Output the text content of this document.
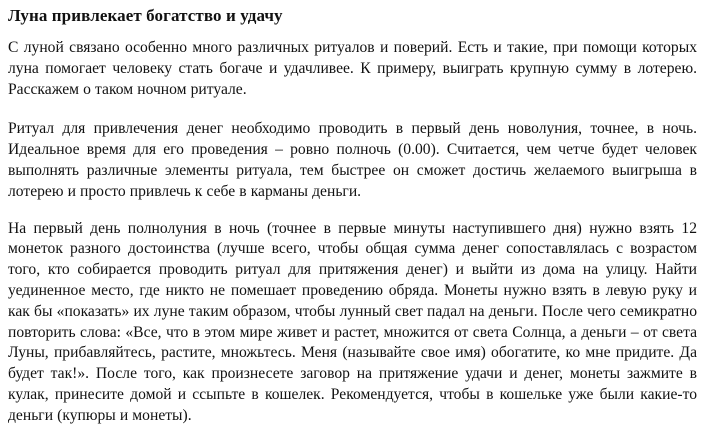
Луна привлекает богатство и удачу

С луной связано особенно много различных ритуалов и поверий. Есть и такие, при помощи которых луна помогает человеку стать богаче и удачливее. К примеру, выиграть крупную сумму в лотерею. Расскажем о таком ночном ритуале.

Ритуал для привлечения денег необходимо проводить в первый день новолуния, точнее, в ночь. Идеальное время для его проведения – ровно полночь (0.00). Считается, чем четче будет человек выполнять различные элементы ритуала, тем быстрее он сможет достичь желаемого выигрыша в лотерею и просто привлечь к себе в карманы деньги.

На первый день полнолуния в ночь (точнее в первые минуты наступившего дня) нужно взять 12 монеток разного достоинства (лучше всего, чтобы общая сумма денег сопоставлялась с возрастом того, кто собирается проводить ритуал для притяжения денег) и выйти из дома на улицу. Найти уединенное место, где никто не помешает проведению обряда. Монеты нужно взять в левую руку и как бы «показать» их луне таким образом, чтобы лунный свет падал на деньги. После чего семикратно повторить слова: «Все, что в этом мире живет и растет, множится от света Солнца, а деньги – от света Луны, прибавляйтесь, растите, множьтесь. Меня (называйте свое имя) обогатите, ко мне придите. Да будет так!». После того, как произнесете заговор на притяжение удачи и денег, монеты зажмите в кулак, принесите домой и ссыпьте в кошелек. Рекомендуется, чтобы в кошельке уже были какие-то деньги (купюры и монеты).
